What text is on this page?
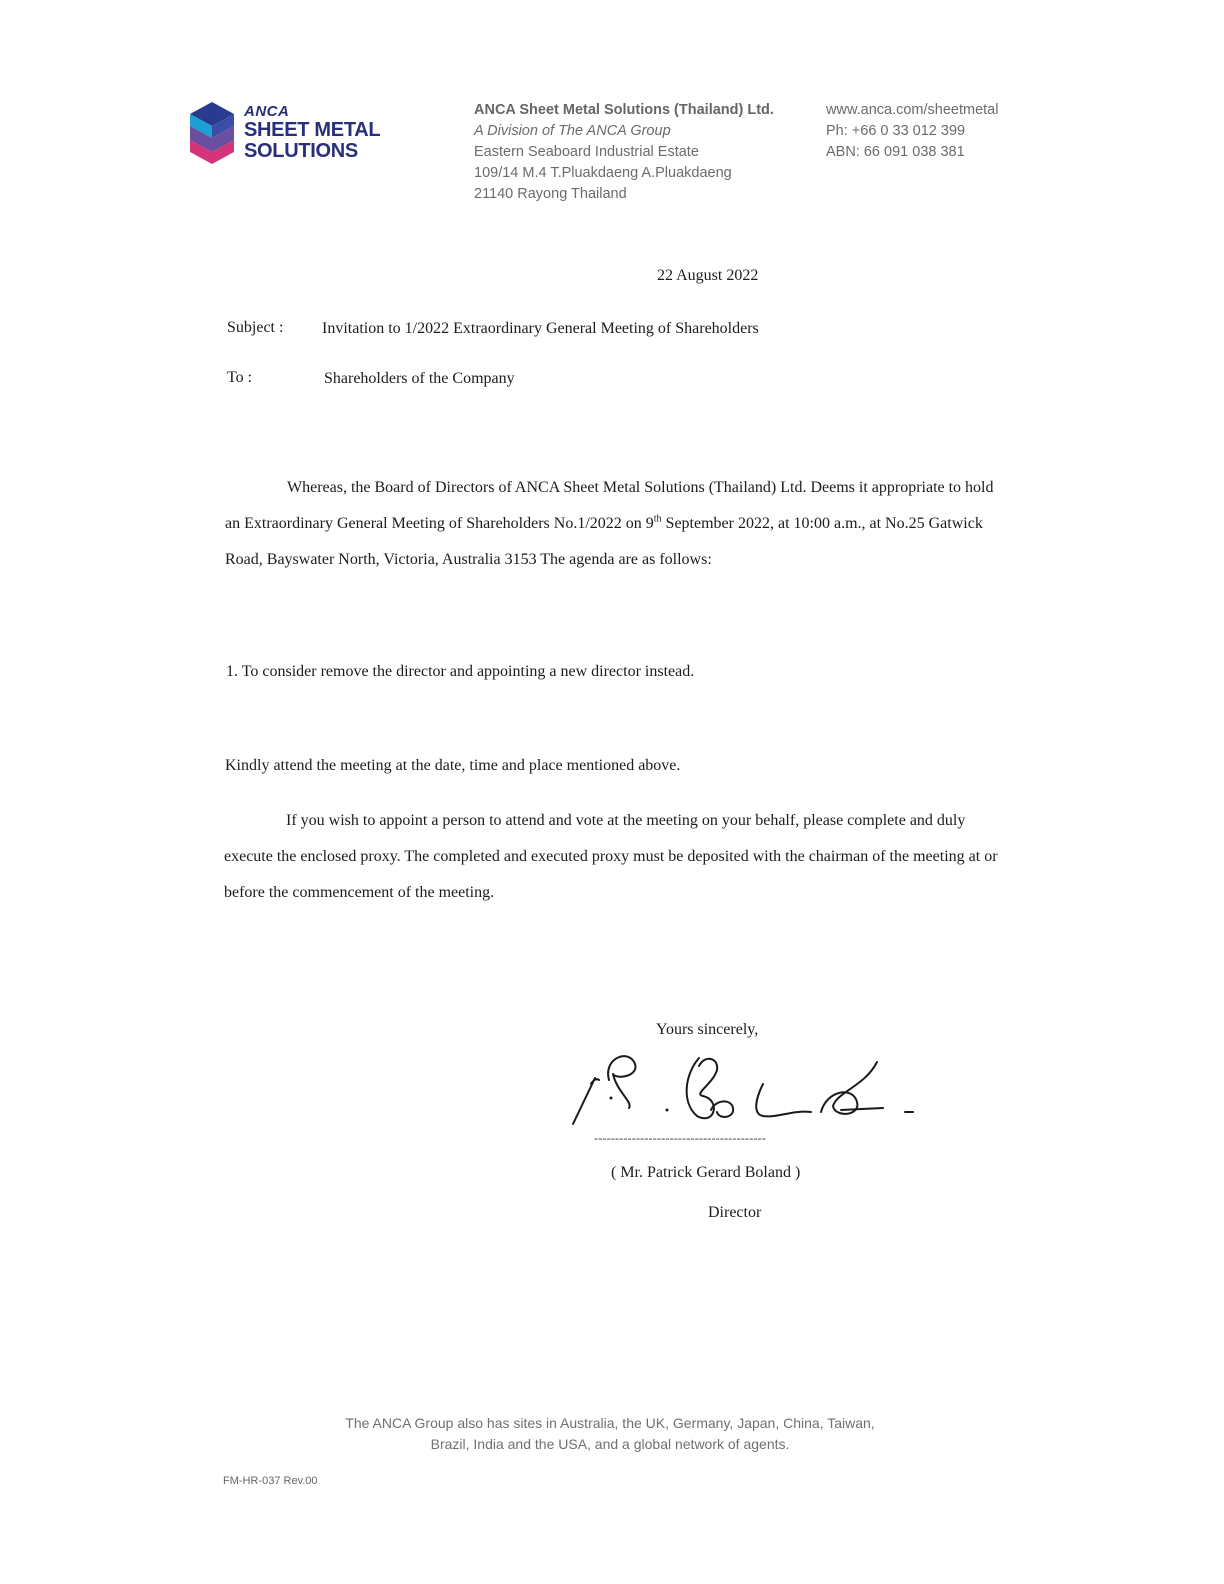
ANCA
SHEET METAL
SOLUTIONS
ANCA Sheet Metal Solutions (Thailand) Ltd.
A Division of The ANCA Group
Eastern Seaboard Industrial Estate
109/14 M.4 T.Pluakdaeng A.Pluakdaeng
21140 Rayong Thailand
www.anca.com/sheetmetal
Ph: +66 0 33 012 399
ABN: 66 091 038 381
22 August 2022
Subject : Invitation to 1/2022 Extraordinary General Meeting of Shareholders
To :	Shareholders of the Company
Whereas, the Board of Directors of ANCA Sheet Metal Solutions (Thailand) Ltd. Deems it appropriate to hold an Extraordinary General Meeting of Shareholders No.1/2022 on 9th September 2022, at 10:00 a.m., at No.25 Gatwick Road, Bayswater North, Victoria, Australia 3153 The agenda are as follows:
1. To consider remove the director and appointing a new director instead.
Kindly attend the meeting at the date, time and place mentioned above.
If you wish to appoint a person to attend and vote at the meeting on your behalf, please complete and duly execute the enclosed proxy. The completed and executed proxy must be deposited with the chairman of the meeting at or before the commencement of the meeting.
Yours sincerely,
-----------------------------------------
( Mr. Patrick Gerard Boland )
Director
The ANCA Group also has sites in Australia, the UK, Germany, Japan, China, Taiwan,
Brazil, India and the USA, and a global network of agents.
FM-HR-037 Rev.00
